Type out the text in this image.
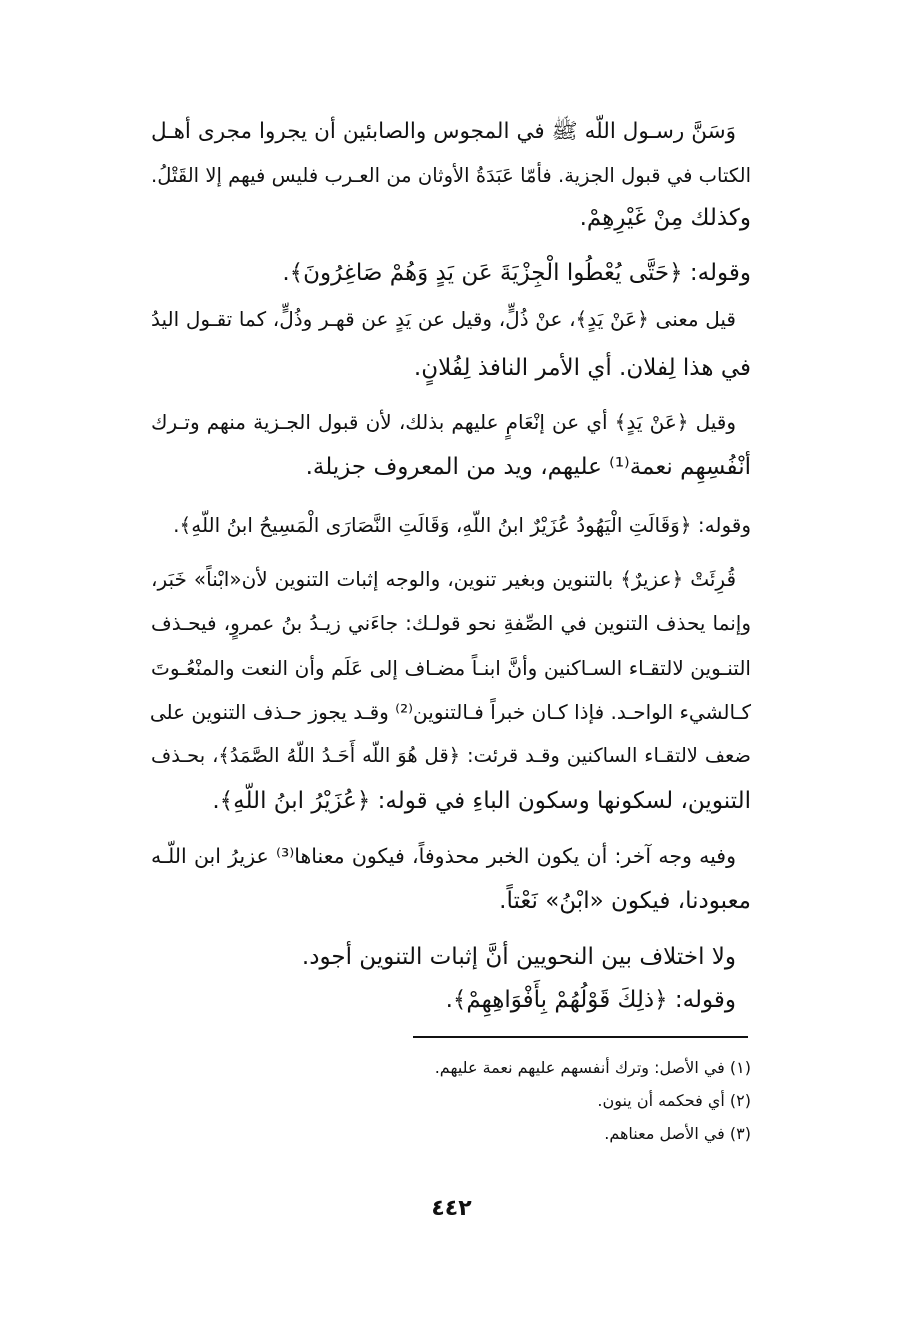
وَسَنَّ رسـول اللّه ﷺ في المجوس والصابئين أن يجروا مجرى أهـل
الكتاب في قبول الجزية. فأمّا عَبَدَةُ الأوثان من العـرب فليس فيهم إلا القَتْلُ.
وكذلك مِنْ غَيْرِهِمْ.
وقوله: ﴿حَتَّى يُعْطُوا الْجِزْيَةَ عَن يَدٍ وَهُمْ صَاغِرُونَ﴾.
قيل معنى ﴿عَنْ يَدٍ﴾، عنْ ذُلٍّ، وقيل عن يَدٍ عن قهـر وذُلٍّ، كما تقـول اليدُ
في هذا لِفلان. أي الأمر النافذ لِفُلانٍ.
وقيل ﴿عَنْ يَدٍ﴾ أي عن إنْعَامٍ عليهم بذلك، لأن قبول الجـزية منهم وتـرك
أنْفُسِهِم نعمة⁽¹⁾ عليهم، ويد من المعروف جزيلة.
وقوله: ﴿وَقَالَتِ الْيَهُودُ عُزَيْرٌ ابنُ اللّهِ، وَقَالَتِ النَّصَارَى الْمَسِيحُ ابنُ اللّهِ﴾.
قُرِئَتْ ﴿عزيرٌ﴾ بالتنوين وبغير تنوين، والوجه إثبات التنوين لأن«ابْناً» خَبَر،
وإنما يحذف التنوين في الصِّفةِ نحو قولـك: جاءَني زيـدُ بنُ عمروٍ، فيحـذف
التنـوين لالتقـاء السـاكنين وأنَّ ابنـاً مضـاف إلى عَلَم وأن النعت والمنْعُـوتَ
كـالشيء الواحـد. فإذا كـان خبراً فـالتنوين⁽²⁾ وقـد يجوز حـذف التنوين على
ضعف لالتقـاء الساكنين وقـد قرئت: ﴿قل هُوَ اللّه أَحَـدُ اللّهُ الصَّمَدُ﴾، بحـذف
التنوين، لسكونها وسكون الباءِ في قوله: ﴿عُزَيْرُ ابنُ اللّهِ﴾.
وفيه وجه آخر: أن يكون الخبر محذوفاً، فيكون معناها⁽³⁾ عزيرُ ابن اللّـه
معبودنا، فيكون «ابْنُ» نَعْتاً.
ولا اختلاف بين النحويين أنَّ إثبات التنوين أجود.
وقوله: ﴿ذلِكَ قَوْلُهُمْ بِأَفْوَاهِهِمْ﴾.
(١) في الأصل: وترك أنفسهم عليهم نعمة عليهم.
(٢) أي فحكمه أن ينون.
(٣) في الأصل معناهم.
٤٤٢
